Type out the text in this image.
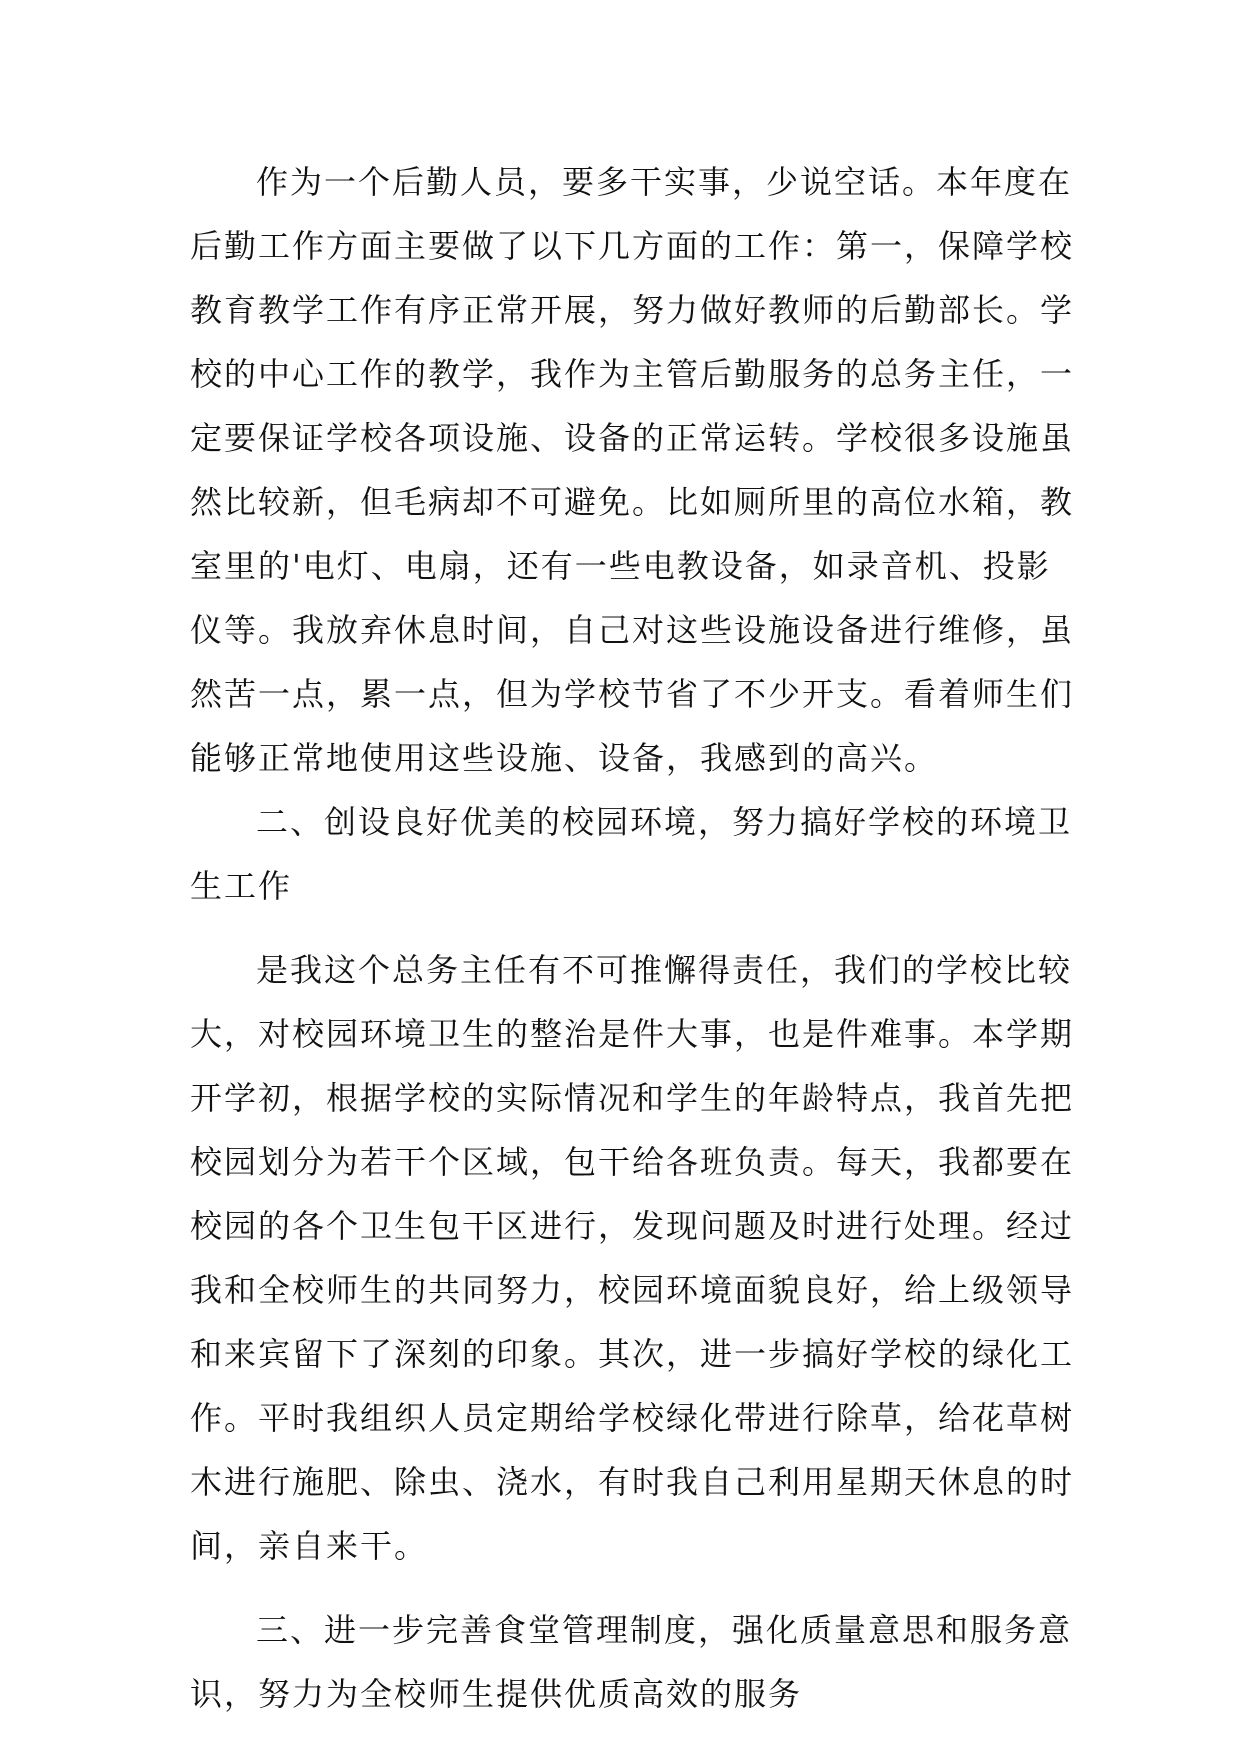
作为一个后勤人员，要多干实事，少说空话。本年度在
后勤工作方面主要做了以下几方面的工作：第一，保障学校
教育教学工作有序正常开展，努力做好教师的后勤部长。学
校的中心工作的教学，我作为主管后勤服务的总务主任，一
定要保证学校各项设施、设备的正常运转。学校很多设施虽
然比较新，但毛病却不可避免。比如厕所里的高位水箱，教
室里的'电灯、电扇，还有一些电教设备，如录音机、投影
仪等。我放弃休息时间，自己对这些设施设备进行维修，虽
然苦一点，累一点，但为学校节省了不少开支。看着师生们
能够正常地使用这些设施、设备，我感到的高兴。
二、创设良好优美的校园环境，努力搞好学校的环境卫
生工作
是我这个总务主任有不可推懈得责任，我们的学校比较
大，对校园环境卫生的整治是件大事，也是件难事。本学期
开学初，根据学校的实际情况和学生的年龄特点，我首先把
校园划分为若干个区域，包干给各班负责。每天，我都要在
校园的各个卫生包干区进行，发现问题及时进行处理。经过
我和全校师生的共同努力，校园环境面貌良好，给上级领导
和来宾留下了深刻的印象。其次，进一步搞好学校的绿化工
作。平时我组织人员定期给学校绿化带进行除草，给花草树
木进行施肥、除虫、浇水，有时我自己利用星期天休息的时
间，亲自来干。
三、进一步完善食堂管理制度，强化质量意思和服务意
识，努力为全校师生提供优质高效的服务
